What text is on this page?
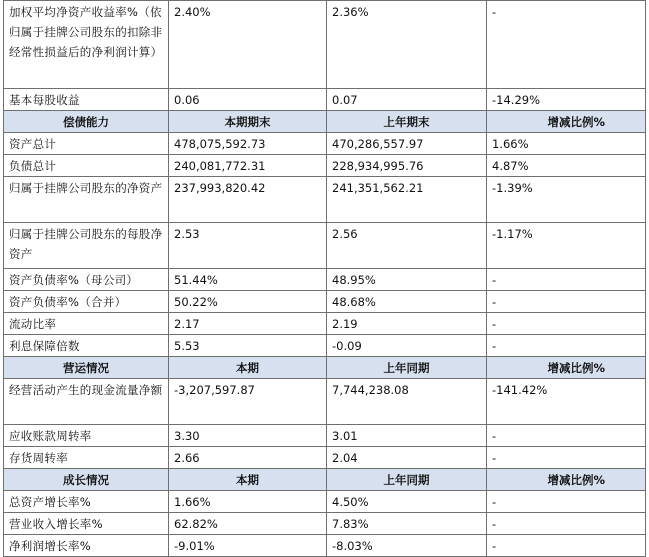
加权平均净资产收益率%（依归属于挂牌公司股东的扣除非经常性损益后的净利润计算）	2.40%	2.36%	-
基本每股收益	0.06	0.07	-14.29%
偿债能力	本期期末	上年期末	增减比例%
资产总计	478,075,592.73	470,286,557.97	1.66%
负债总计	240,081,772.31	228,934,995.76	4.87%
归属于挂牌公司股东的净资产	237,993,820.42	241,351,562.21	-1.39%
归属于挂牌公司股东的每股净资产	2.53	2.56	-1.17%
资产负债率%（母公司）	51.44%	48.95%	-
资产负债率%（合并）	50.22%	48.68%	-
流动比率	2.17	2.19	-
利息保障倍数	5.53	-0.09	-
营运情况	本期	上年同期	增减比例%
经营活动产生的现金流量净额	-3,207,597.87	7,744,238.08	-141.42%
应收账款周转率	3.30	3.01	-
存货周转率	2.66	2.04	-
成长情况	本期	上年同期	增减比例%
总资产增长率%	1.66%	4.50%	-
营业收入增长率%	62.82%	7.83%	-
净利润增长率%	-9.01%	-8.03%	-
